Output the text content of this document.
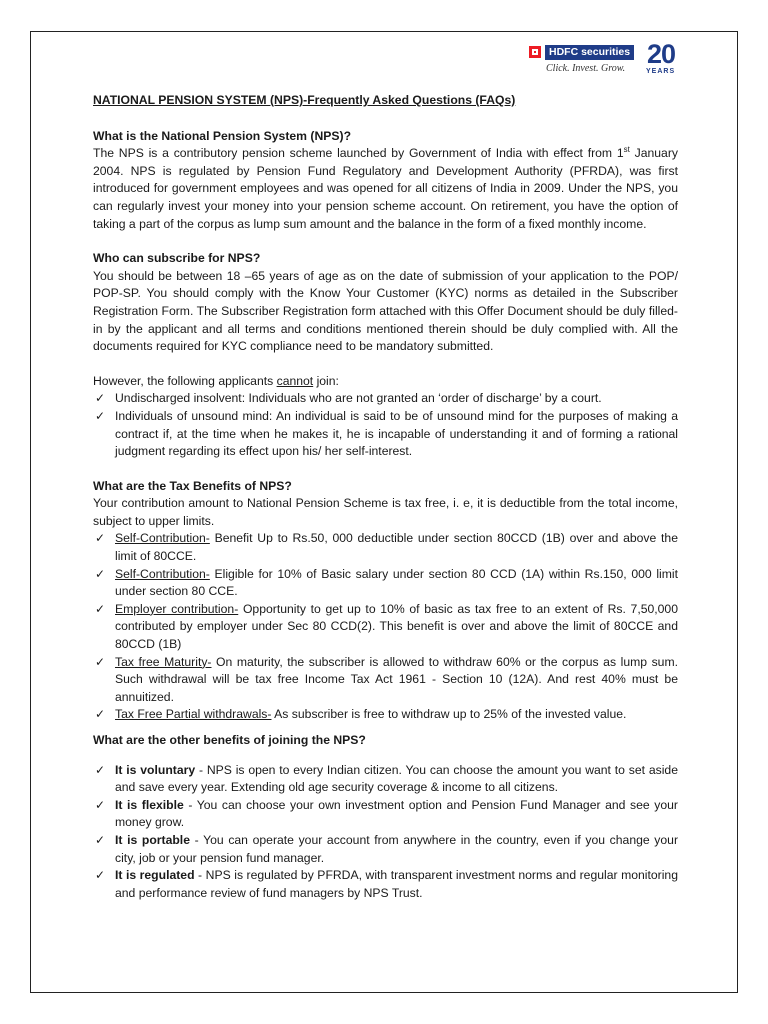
HDFC securities
Click. Invest. Grow. 20
YEARS

NATIONAL PENSION SYSTEM (NPS)-Frequently Asked Questions (FAQs)

What is the National Pension System (NPS)?

The NPS is a contributory pension scheme launched by Government of India with effect from 1st January 2004. NPS is regulated by Pension Fund Regulatory and Development Authority (PFRDA), was first introduced for government employees and was opened for all citizens of India in 2009. Under the NPS, you can regularly invest your money into your pension scheme account. On retirement, you have the option of taking a part of the corpus as lump sum amount and the balance in the form of a fixed monthly income.

Who can subscribe for NPS?

You should be between 18 –65 years of age as on the date of submission of your application to the POP/ POP-SP. You should comply with the Know Your Customer (KYC) norms as detailed in the Subscriber Registration Form. The Subscriber Registration form attached with this Offer Document should be duly filled-in by the applicant and all terms and conditions mentioned therein should be duly complied with. All the documents required for KYC compliance need to be mandatory submitted.

However, the following applicants cannot join:

✓ Undischarged insolvent: Individuals who are not granted an ‘order of discharge’ by a court.
✓ Individuals of unsound mind: An individual is said to be of unsound mind for the purposes of making a contract if, at the time when he makes it, he is incapable of understanding it and of forming a rational judgment regarding its effect upon his/ her self-interest.

What are the Tax Benefits of NPS?

Your contribution amount to National Pension Scheme is tax free, i. e, it is deductible from the total income, subject to upper limits.

✓ Self-Contribution- Benefit Up to Rs.50, 000 deductible under section 80CCD (1B) over and above the limit of 80CCE.
✓ Self-Contribution- Eligible for 10% of Basic salary under section 80 CCD (1A) within Rs.150, 000 limit under section 80 CCE.
✓ Employer contribution- Opportunity to get up to 10% of basic as tax free to an extent of Rs. 7,50,000 contributed by employer under Sec 80 CCD(2). This benefit is over and above the limit of 80CCE and 80CCD (1B)
✓ Tax free Maturity- On maturity, the subscriber is allowed to withdraw 60% or the corpus as lump sum. Such withdrawal will be tax free Income Tax Act 1961 - Section 10 (12A). And rest 40% must be annuitized.
✓ Tax Free Partial withdrawals- As subscriber is free to withdraw up to 25% of the invested value.

What are the other benefits of joining the NPS?

✓ It is voluntary - NPS is open to every Indian citizen. You can choose the amount you want to set aside and save every year. Extending old age security coverage & income to all citizens.
✓ It is flexible - You can choose your own investment option and Pension Fund Manager and see your money grow.
✓ It is portable - You can operate your account from anywhere in the country, even if you change your city, job or your pension fund manager.
✓ It is regulated - NPS is regulated by PFRDA, with transparent investment norms and regular monitoring and performance review of fund managers by NPS Trust.
